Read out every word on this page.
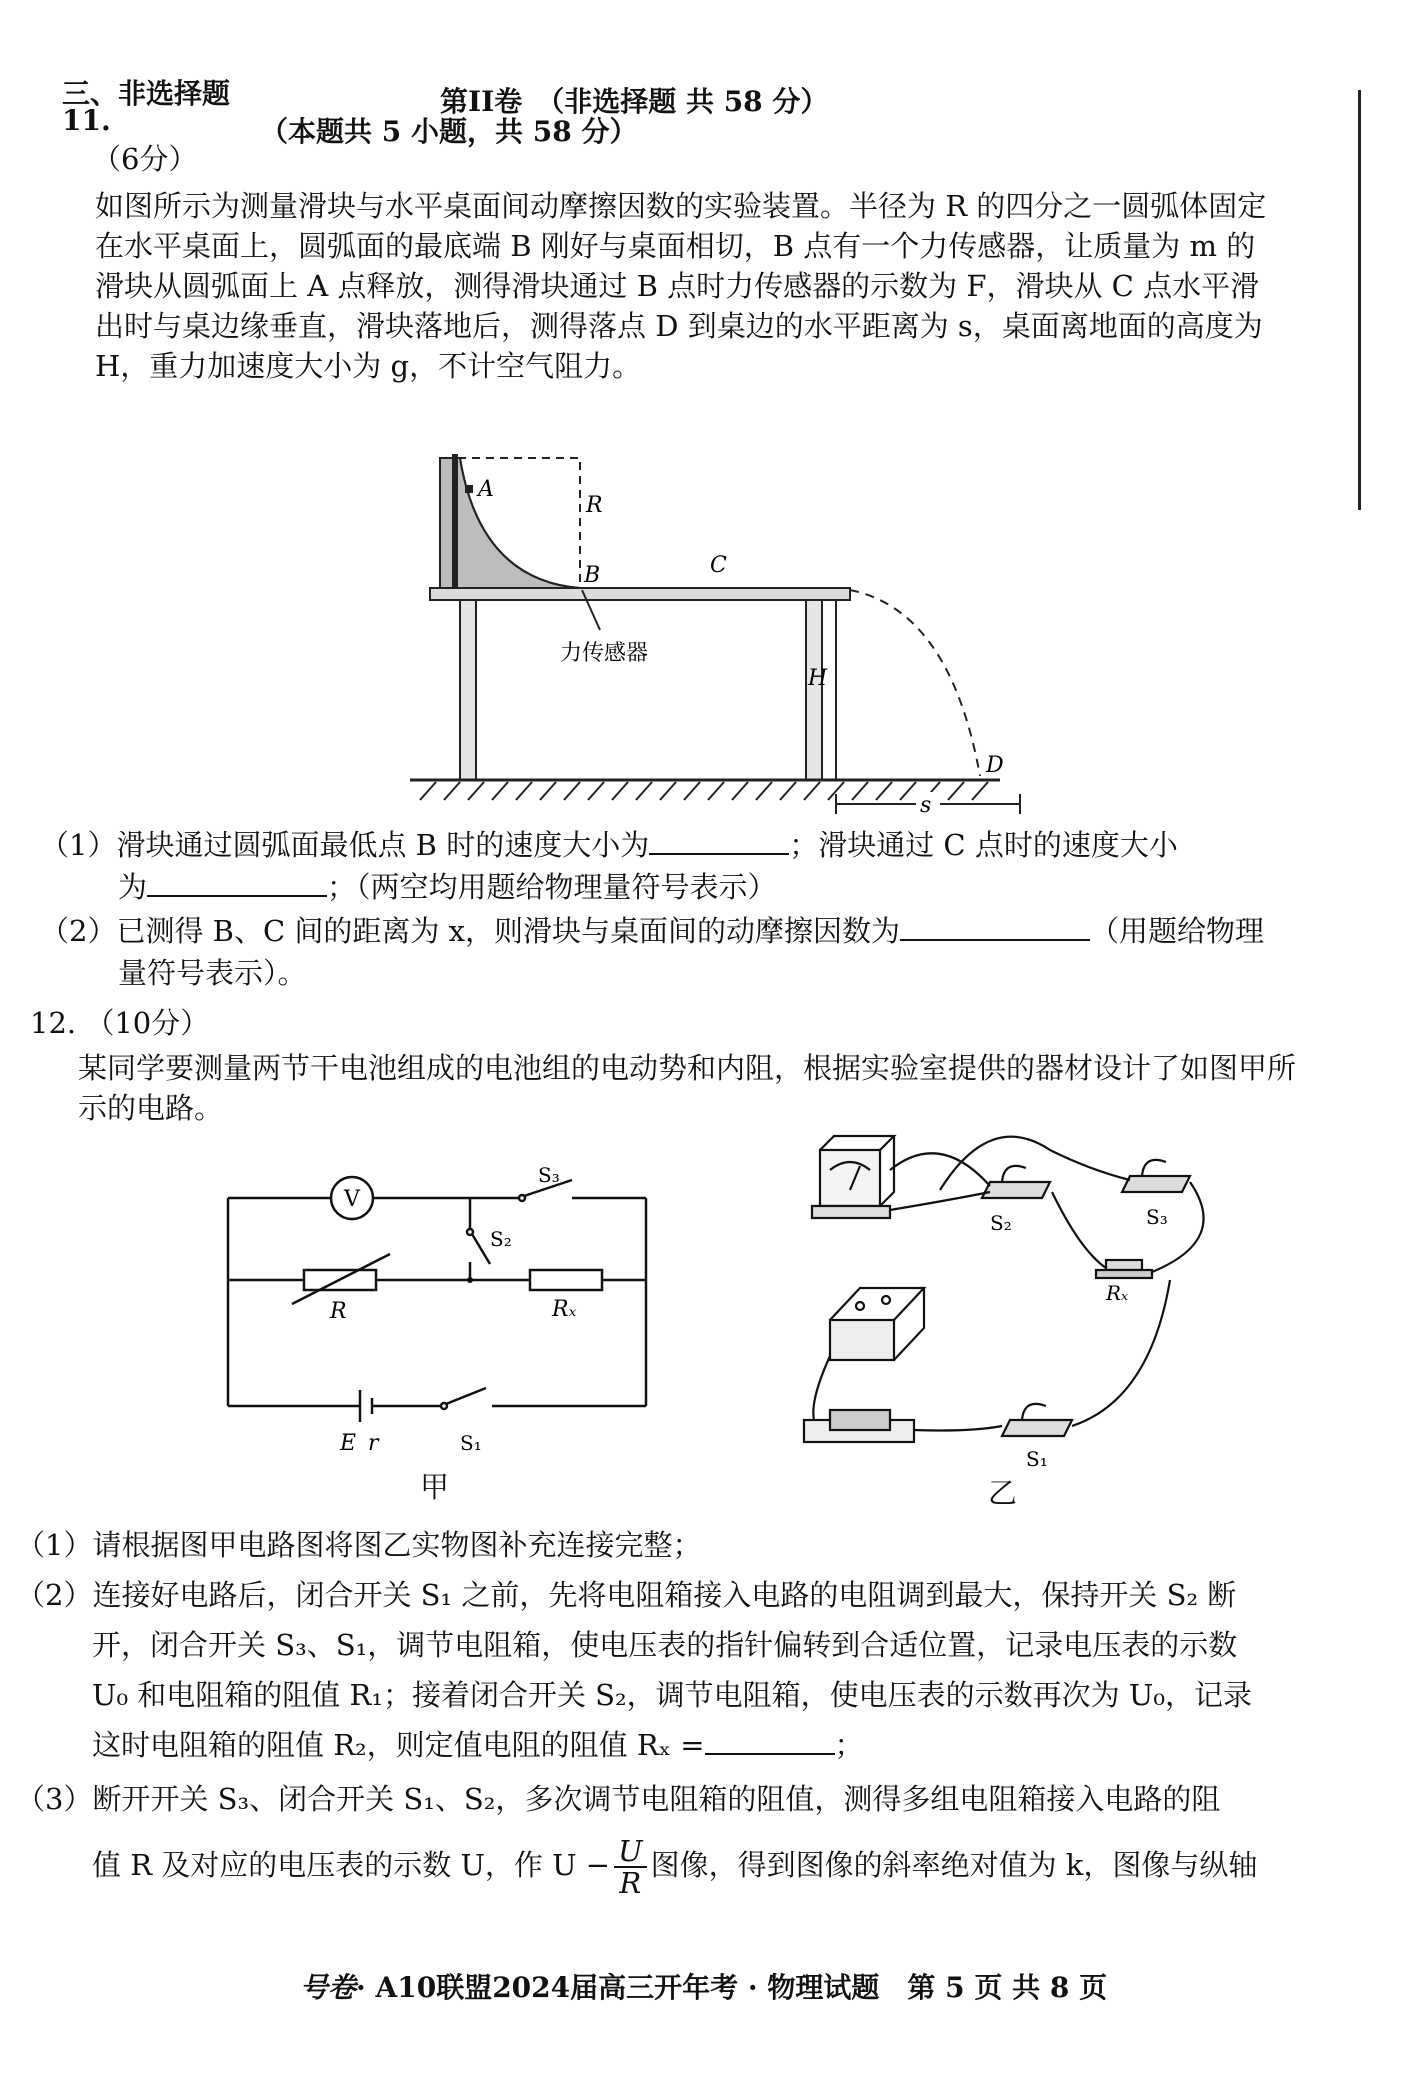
三、非选择题	第II卷　（非选择题 共 58 分）
11.	（本题共 5 小题，共 58 分）
（6分）
如图所示为测量滑块与水平桌面间动摩擦因数的实验装置。半径为 R 的四分之一圆弧体固定在水平桌面上，圆弧面的最底端 B 刚好与桌面相切，B 点有一个力传感器，让质量为 m 的滑块从圆弧面上 A 点释放，测得滑块通过 B 点时力传感器的示数为 F，滑块从 C 点水平滑出时与桌边缘垂直，滑块落地后，测得落点 D 到桌边的水平距离为 s，桌面离地面的高度为 H，重力加速度大小为 g，不计空气阻力。
A
R
B	C
力传感器
H
D
s
（1）滑块通过圆弧面最低点 B 时的速度大小为	；滑块通过 C 点时的速度大小
为	；（两空均用题给物理量符号表示）
（2）已测得 B、C 间的距离为 x，则滑块与桌面间的动摩擦因数为	（用题给物理
量符号表示）。
12. （10分）
某同学要测量两节干电池组成的电池组的电动势和内阻，根据实验室提供的器材设计了如图甲所示的电路。
V
S₃
S₂
R	Rₓ
E r	S₁
甲
S₂	S₃
Rₓ
S₁
乙
（1）请根据图甲电路图将图乙实物图补充连接完整；
（2）连接好电路后，闭合开关 S₁ 之前，先将电阻箱接入电路的电阻调到最大，保持开关 S₂ 断
开，闭合开关 S₃、S₁，调节电阻箱，使电压表的指针偏转到合适位置，记录电压表的示数
U₀ 和电阻箱的阻值 R₁；接着闭合开关 S₂，调节电阻箱，使电压表的示数再次为 U₀，记录
这时电阻箱的阻值 R₂，则定值电阻的阻值 Rₓ =	；
（3）断开开关 S₃、闭合开关 S₁、S₂，多次调节电阻箱的阻值，测得多组电阻箱接入电路的阻
值 R 及对应的电压表的示数 U，作 $U - \frac{U}{R}$ 图像，得到图像的斜率绝对值为 k，图像与纵轴
号卷· A10联盟2024届高三开年考 · 物理试题　第 5 页 共 8 页
